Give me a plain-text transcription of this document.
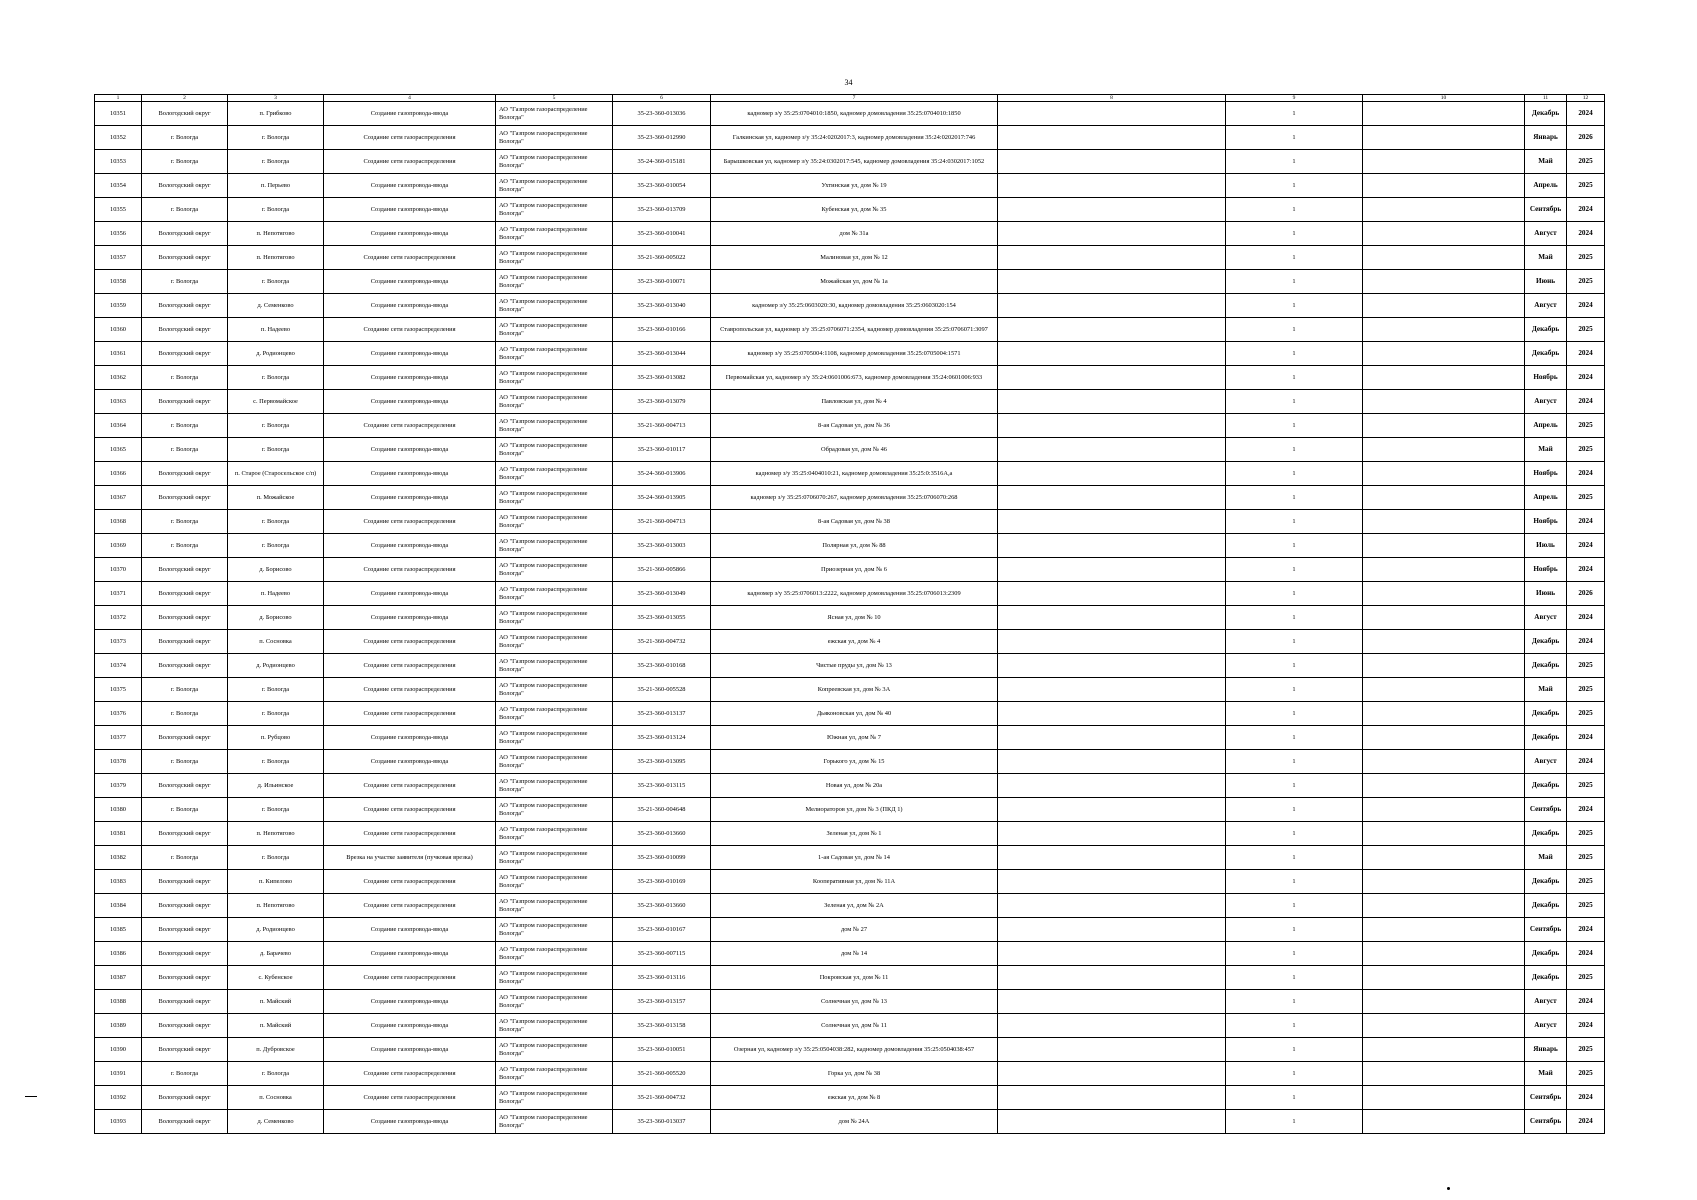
34
1	2	3	4	5	6	7	8	9	10	11	12
10351	Вологодский округ	п. Грибково	Создание газопровода-ввода	АО "Газпром газораспределение Вологда"	35-23-360-013036	кадномер з/у 35:25:0704010:1850, кадномер домовладения 35:25:0704010:1850		1		Декабрь	2024
10352	г. Вологда	г. Вологда	Создание сети газораспределения	АО "Газпром газораспределение Вологда"	35-23-360-012990	Галкинская ул, кадномер з/у 35:24:0202017:3, кадномер домовладения 35:24:0202017:746		1		Январь	2026
10353	г. Вологда	г. Вологда	Создание сети газораспределения	АО "Газпром газораспределение Вологда"	35-24-360-015181	Барышковская ул, кадномер з/у 35:24:0302017:545, кадномер домовладения 35:24:0302017:1052		1		Май	2025
10354	Вологодский округ	п. Перьево	Создание газопровода-ввода	АО "Газпром газораспределение Вологда"	35-23-360-010054	Ухтинская ул, дом № 19		1		Апрель	2025
10355	г. Вологда	г. Вологда	Создание газопровода-ввода	АО "Газпром газораспределение Вологда"	35-23-360-013709	Кубенская ул, дом № 35		1		Сентябрь	2024
10356	Вологодский округ	п. Непотягово	Создание газопровода-ввода	АО "Газпром газораспределение Вологда"	35-23-360-010041	дом № 31а		1		Август	2024
10357	Вологодский округ	п. Непотягово	Создание сети газораспределения	АО "Газпром газораспределение Вологда"	35-21-360-005022	Малиновая ул, дом № 12		1		Май	2025
10358	г. Вологда	г. Вологда	Создание газопровода-ввода	АО "Газпром газораспределение Вологда"	35-23-360-010071	Можайская ул, дом № 1а		1		Июнь	2025
10359	Вологодский округ	д. Семенково	Создание газопровода-ввода	АО "Газпром газораспределение Вологда"	35-23-360-013040	кадномер з/у 35:25:0603020:30, кадномер домовладения 35:25:0603020:154		1		Август	2024
10360	Вологодский округ	п. Надеево	Создание сети газораспределения	АО "Газпром газораспределение Вологда"	35-23-360-010166	Ставропольская ул, кадномер з/у 35:25:0706071:2354, кадномер домовладения 35:25:0706071:3097		1		Декабрь	2025
10361	Вологодский округ	д. Родионцево	Создание газопровода-ввода	АО "Газпром газораспределение Вологда"	35-23-360-013044	кадномер з/у 35:25:0705004:1108, кадномер домовладения 35:25:0705004:1571		1		Декабрь	2024
10362	г. Вологда	г. Вологда	Создание газопровода-ввода	АО "Газпром газораспределение Вологда"	35-23-360-013082	Первомайская ул, кадномер з/у 35:24:0601006:673, кадномер домовладения 35:24:0601006:933		1		Ноябрь	2024
10363	Вологодский округ	с. Первомайское	Создание газопровода-ввода	АО "Газпром газораспределение Вологда"	35-23-360-013079	Павловская ул, дом № 4		1		Август	2024
10364	г. Вологда	г. Вологда	Создание сети газораспределения	АО "Газпром газораспределение Вологда"	35-21-360-004713	8-ая Садовая ул, дом № 36		1		Апрель	2025
10365	г. Вологда	г. Вологда	Создание газопровода-ввода	АО "Газпром газораспределение Вологда"	35-23-360-010117	Обрадовая ул, дом № 46		1		Май	2025
10366	Вологодский округ	п. Старое (Старосельское с/п)	Создание газопровода-ввода	АО "Газпром газораспределение Вологда"	35-24-360-013906	кадномер з/у 35:25:0404010:21, кадномер домовладения 35:25:0:3516А,а		1		Ноябрь	2024
10367	Вологодский округ	п. Можайское	Создание газопровода-ввода	АО "Газпром газораспределение Вологда"	35-24-360-013905	кадномер з/у 35:25:0706070:267, кадномер домовладения 35:25:0706070:268		1		Апрель	2025
10368	г. Вологда	г. Вологда	Создание сети газораспределения	АО "Газпром газораспределение Вологда"	35-21-360-004713	8-ая Садовая ул, дом № 38		1		Ноябрь	2024
10369	г. Вологда	г. Вологда	Создание газопровода-ввода	АО "Газпром газораспределение Вологда"	35-23-360-013003	Полярная ул, дом № 88		1		Июль	2024
10370	Вологодский округ	д. Борисово	Создание сети газораспределения	АО "Газпром газораспределение Вологда"	35-21-360-005866	Приозерная ул, дом № 6		1		Ноябрь	2024
10371	Вологодский округ	п. Надеево	Создание газопровода-ввода	АО "Газпром газораспределение Вологда"	35-23-360-013049	кадномер з/у 35:25:0706013:2222, кадномер домовладения 35:25:0706013:2309		1		Июнь	2026
10372	Вологодский округ	д. Борисово	Создание газопровода-ввода	АО "Газпром газораспределение Вологда"	35-23-360-013055	Ясная ул, дом № 10		1		Август	2024
10373	Вологодский округ	п. Сосновка	Создание сети газораспределения	АО "Газпром газораспределение Вологда"	35-21-360-004732	ежская ул, дом № 4		1		Декабрь	2024
10374	Вологодский округ	д. Родионцево	Создание сети газораспределения	АО "Газпром газораспределение Вологда"	35-23-360-010168	Чистые пруды ул, дом № 13		1		Декабрь	2025
10375	г. Вологда	г. Вологда	Создание сети газораспределения	АО "Газпром газораспределение Вологда"	35-21-360-005528	Копреевская ул, дом № 3А		1		Май	2025
10376	г. Вологда	г. Вологда	Создание сети газораспределения	АО "Газпром газораспределение Вологда"	35-23-360-013137	Дьяконовская ул, дом № 40		1		Декабрь	2025
10377	Вологодский округ	п. Рубцово	Создание газопровода-ввода	АО "Газпром газораспределение Вологда"	35-23-360-013124	Южная ул, дом № 7		1		Декабрь	2024
10378	г. Вологда	г. Вологда	Создание газопровода-ввода	АО "Газпром газораспределение Вологда"	35-23-360-013095	Горького ул, дом № 15		1		Август	2024
10379	Вологодский округ	д. Ильинское	Создание сети газораспределения	АО "Газпром газораспределение Вологда"	35-23-360-013115	Новая ул, дом № 20а		1		Декабрь	2025
10380	г. Вологда	г. Вологда	Создание сети газораспределения	АО "Газпром газораспределение Вологда"	35-21-360-004648	Мелиораторов ул, дом № 3 (ПКД 1)		1		Сентябрь	2024
10381	Вологодский округ	п. Непотягово	Создание сети газораспределения	АО "Газпром газораспределение Вологда"	35-23-360-013660	Зеленая ул, дом № 1		1		Декабрь	2025
10382	г. Вологда	г. Вологда	Врезка на участке заявителя (пучковая врезка)	АО "Газпром газораспределение Вологда"	35-23-360-010099	1-ая Садовая ул, дом № 14		1		Май	2025
10383	Вологодский округ	п. Кипелово	Создание сети газораспределения	АО "Газпром газораспределение Вологда"	35-23-360-010169	Кооперативная ул, дом № 11А		1		Декабрь	2025
10384	Вологодский округ	п. Непотягово	Создание сети газораспределения	АО "Газпром газораспределение Вологда"	35-23-360-013660	Зеленая ул, дом № 2А		1		Декабрь	2025
10385	Вологодский округ	д. Родионцево	Создание газопровода-ввода	АО "Газпром газораспределение Вологда"	35-23-360-010167	дом № 27		1		Сентябрь	2024
10386	Вологодский округ	д. Барачево	Создание газопровода-ввода	АО "Газпром газораспределение Вологда"	35-23-360-007115	дом № 14		1		Декабрь	2024
10387	Вологодский округ	с. Кубенское	Создание сети газораспределения	АО "Газпром газораспределение Вологда"	35-23-360-013116	Покровская ул, дом № 11		1		Декабрь	2025
10388	Вологодский округ	п. Майский	Создание газопровода-ввода	АО "Газпром газораспределение Вологда"	35-23-360-013157	Солнечная ул, дом № 13		1		Август	2024
10389	Вологодский округ	п. Майский	Создание газопровода-ввода	АО "Газпром газораспределение Вологда"	35-23-360-013158	Солнечная ул, дом № 11		1		Август	2024
10390	Вологодский округ	п. Дубровское	Создание газопровода-ввода	АО "Газпром газораспределение Вологда"	35-23-360-010051	Озерная ул, кадномер з/у 35:25:0504038:282, кадномер домовладения 35:25:0504038:457		1		Январь	2025
10391	г. Вологда	г. Вологда	Создание сети газораспределения	АО "Газпром газораспределение Вологда"	35-21-360-005520	Горка ул, дом № 38		1		Май	2025
10392	Вологодский округ	п. Сосновка	Создание сети газораспределения	АО "Газпром газораспределение Вологда"	35-21-360-004732	ежская ул, дом № 8		1		Сентябрь	2024
10393	Вологодский округ	д. Семенково	Создание газопровода-ввода	АО "Газпром газораспределение Вологда"	35-23-360-013037	дом № 24А		1		Сентябрь	2024
